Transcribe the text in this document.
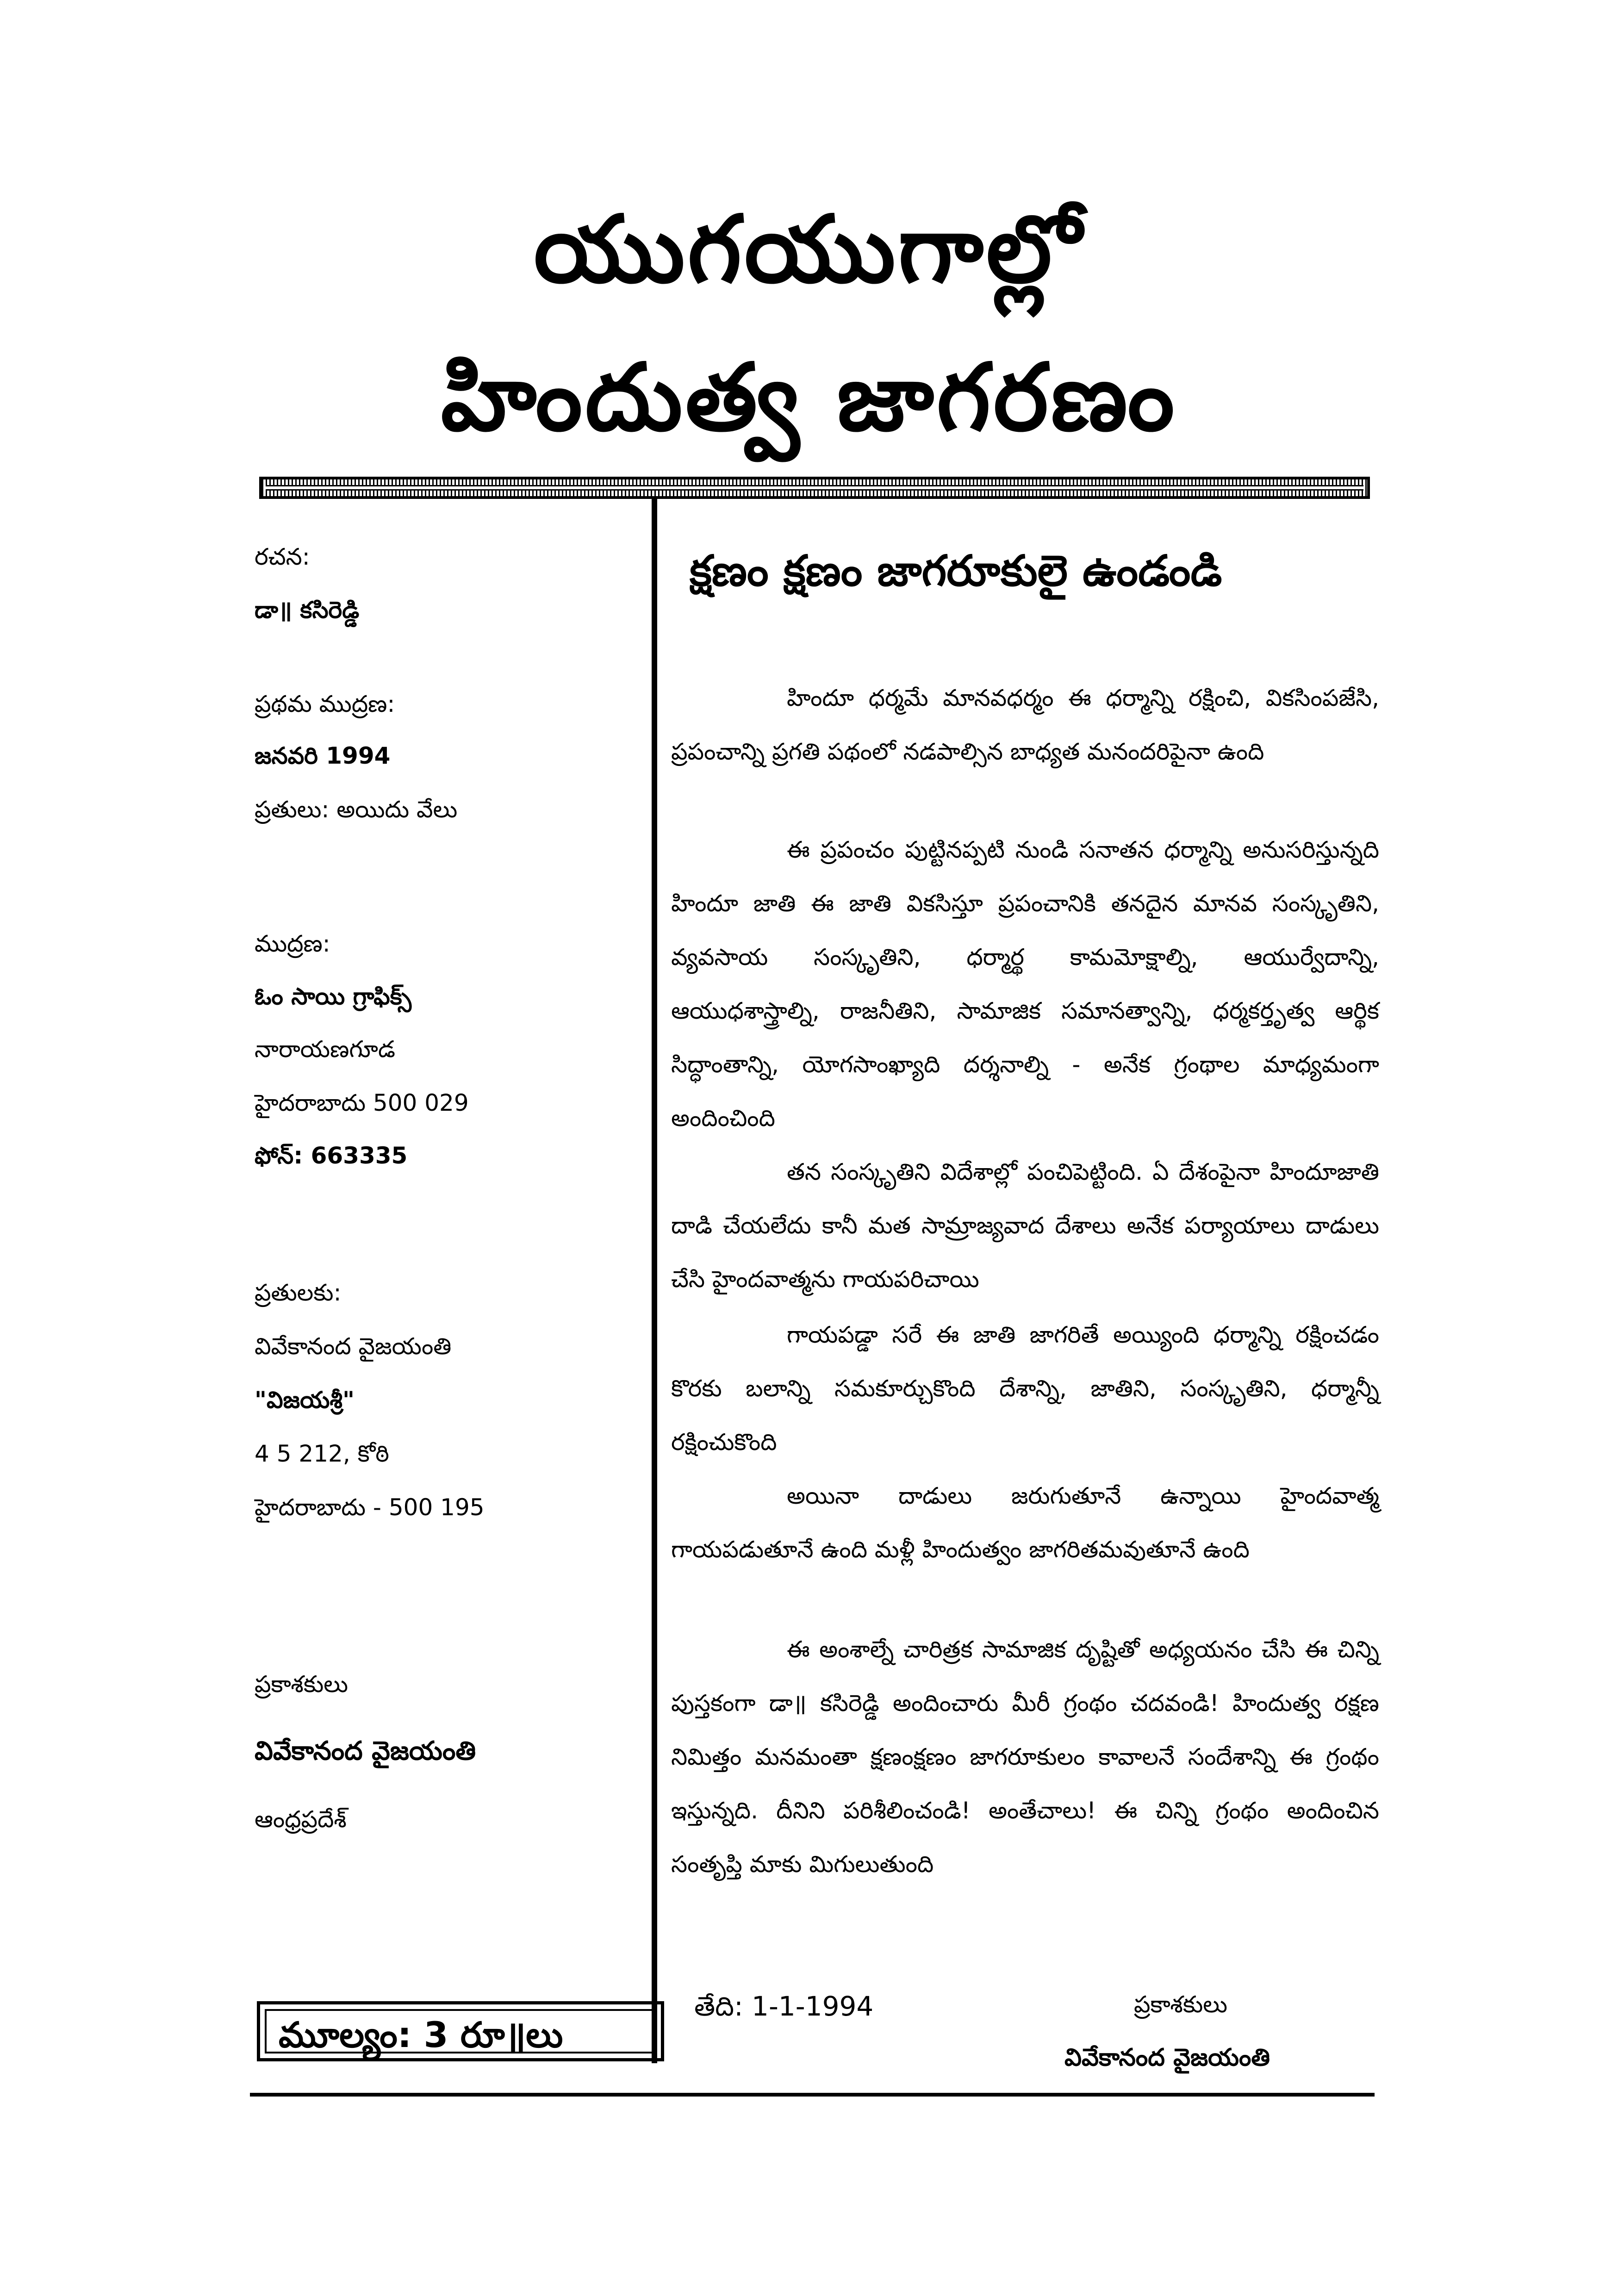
యుగయుగాల్లో
హిందుత్వ జాగరణం
రచన:
డా॥ కసిరెడ్డి
ప్రథమ ముద్రణ:
జనవరి 1994
ప్రతులు: అయిదు వేలు
ముద్రణ:
ఓం సాయి గ్రాఫిక్స్
నారాయణగూడ
హైదరాబాదు 500 029
ఫోన్: 663335
ప్రతులకు:
వివేకానంద వైజయంతి
"విజయశ్రీ"
4 5 212, కోఠి
హైదరాబాదు - 500 195
ప్రకాశకులు
వివేకానంద వైజయంతి
ఆంధ్రప్రదేశ్
మూల్యం: 3 రూ॥లు
క్షణం క్షణం జాగరూకులై ఉండండి

హిందూ ధర్మమే మానవధర్మం ఈ ధర్మాన్ని రక్షించి, వికసింపజేసి, ప్రపంచాన్ని ప్రగతి పథంలో నడపాల్సిన బాధ్యత మనందరిపైనా ఉంది

ఈ ప్రపంచం పుట్టినప్పటి నుండి సనాతన ధర్మాన్ని అనుసరిస్తున్నది హిందూ జాతి ఈ జాతి వికసిస్తూ ప్రపంచానికి తనదైన మానవ సంస్కృతిని, వ్యవసాయ సంస్కృతిని, ధర్మార్థ కామమోక్షాల్ని, ఆయుర్వేదాన్ని, ఆయుధశాస్త్రాల్ని, రాజనీతిని, సామాజిక సమానత్వాన్ని, ధర్మకర్తృత్వ ఆర్థిక సిద్ధాంతాన్ని, యోగసాంఖ్యాది దర్శనాల్ని - అనేక గ్రంథాల మాధ్యమంగా అందించింది

తన సంస్కృతిని విదేశాల్లో పంచిపెట్టింది. ఏ దేశంపైనా హిందూజాతి దాడి చేయలేదు కానీ మత సామ్రాజ్యవాద దేశాలు అనేక పర్యాయాలు దాడులు చేసి హైందవాత్మను గాయపరిచాయి

గాయపడ్డా సరే ఈ జాతి జాగరితే అయ్యింది ధర్మాన్ని రక్షించడం కొరకు బలాన్ని సమకూర్చుకొంది దేశాన్ని, జాతిని, సంస్కృతిని, ధర్మాన్నీ రక్షించుకొంది

అయినా దాడులు జరుగుతూనే ఉన్నాయి హైందవాత్మ గాయపడుతూనే ఉంది మళ్లీ హిందుత్వం జాగరితమవుతూనే ఉంది

ఈ అంశాల్నే చారిత్రక సామాజిక దృష్టితో అధ్యయనం చేసి ఈ చిన్ని పుస్తకంగా డా॥ కసిరెడ్డి అందించారు మీరీ గ్రంథం చదవండి! హిందుత్వ రక్షణ నిమిత్తం మనమంతా క్షణంక్షణం జాగరూకులం కావాలనే సందేశాన్ని ఈ గ్రంథం ఇస్తున్నది. దీనిని పరిశీలించండి! అంతేచాలు! ఈ చిన్ని గ్రంథం అందించిన సంతృప్తి మాకు మిగులుతుంది

తేది: 1-1-1994	ప్రకాశకులు
వివేకానంద వైజయంతి
